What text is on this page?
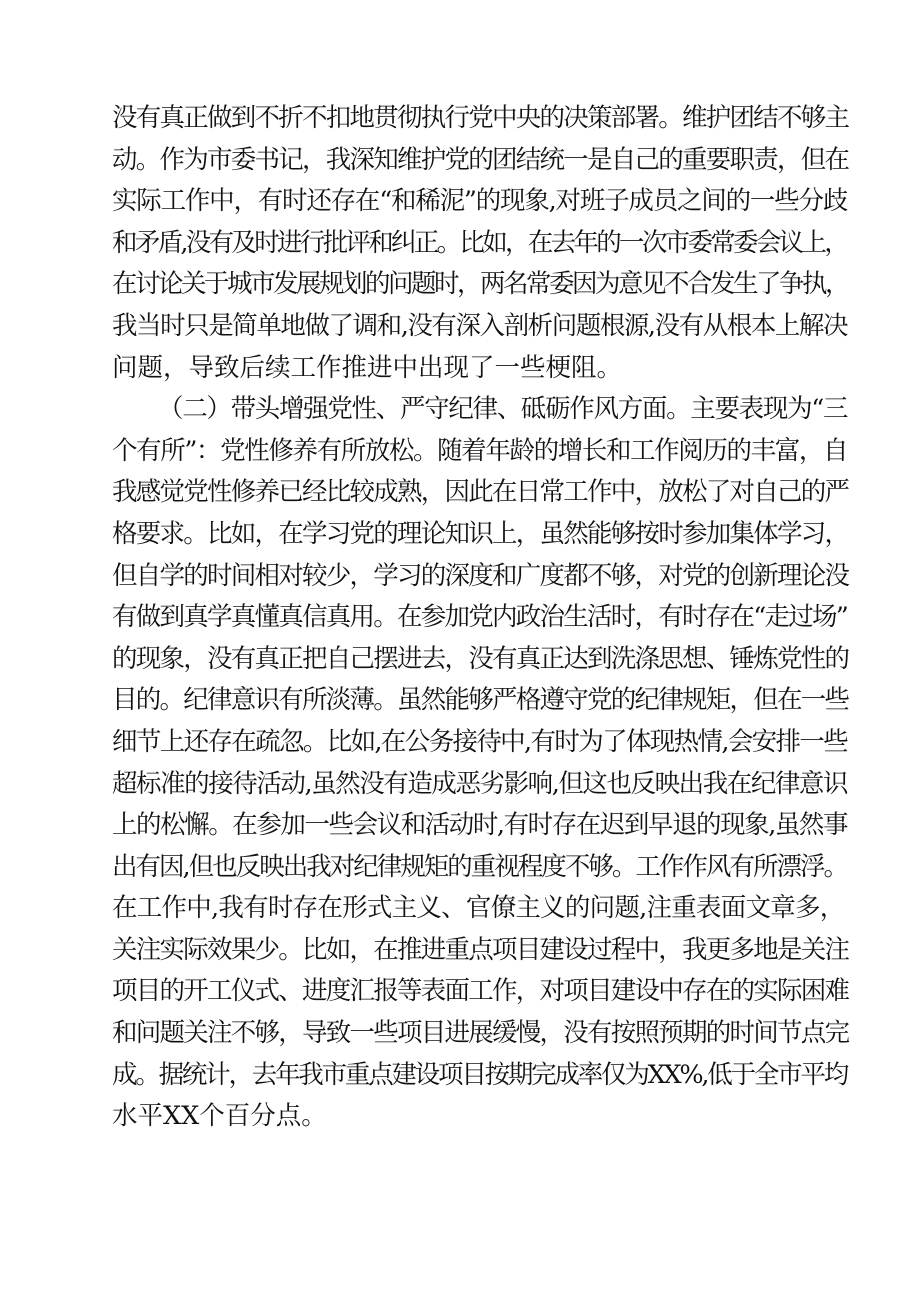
没有真正做到不折不扣地贯彻执行党中央的决策部署。维护团结不够主
动。作为市委书记，我深知维护党的团结统一是自己的重要职责，但在
实际工作中，有时还存在“和稀泥”的现象,对班子成员之间的一些分歧
和矛盾,没有及时进行批评和纠正。比如，在去年的一次市委常委会议上，
在讨论关于城市发展规划的问题时，两名常委因为意见不合发生了争执，
我当时只是简单地做了调和,没有深入剖析问题根源,没有从根本上解决
问题，导致后续工作推进中出现了一些梗阻。
（二）带头增强党性、严守纪律、砥砺作风方面。主要表现为“三
个有所”：党性修养有所放松。随着年龄的增长和工作阅历的丰富，自
我感觉党性修养已经比较成熟，因此在日常工作中，放松了对自己的严
格要求。比如，在学习党的理论知识上，虽然能够按时参加集体学习，
但自学的时间相对较少，学习的深度和广度都不够，对党的创新理论没
有做到真学真懂真信真用。在参加党内政治生活时，有时存在“走过场”
的现象，没有真正把自己摆进去，没有真正达到洗涤思想、锤炼党性的
目的。纪律意识有所淡薄。虽然能够严格遵守党的纪律规矩，但在一些
细节上还存在疏忽。比如,在公务接待中,有时为了体现热情,会安排一些
超标准的接待活动,虽然没有造成恶劣影响,但这也反映出我在纪律意识
上的松懈。在参加一些会议和活动时,有时存在迟到早退的现象,虽然事
出有因,但也反映出我对纪律规矩的重视程度不够。工作作风有所漂浮。
在工作中,我有时存在形式主义、官僚主义的问题,注重表面文章多，
关注实际效果少。比如，在推进重点项目建设过程中，我更多地是关注
项目的开工仪式、进度汇报等表面工作，对项目建设中存在的实际困难
和问题关注不够，导致一些项目进展缓慢，没有按照预期的时间节点完
成。据统计，去年我市重点建设项目按期完成率仅为XX%,低于全市平均
水平XX个百分点。
